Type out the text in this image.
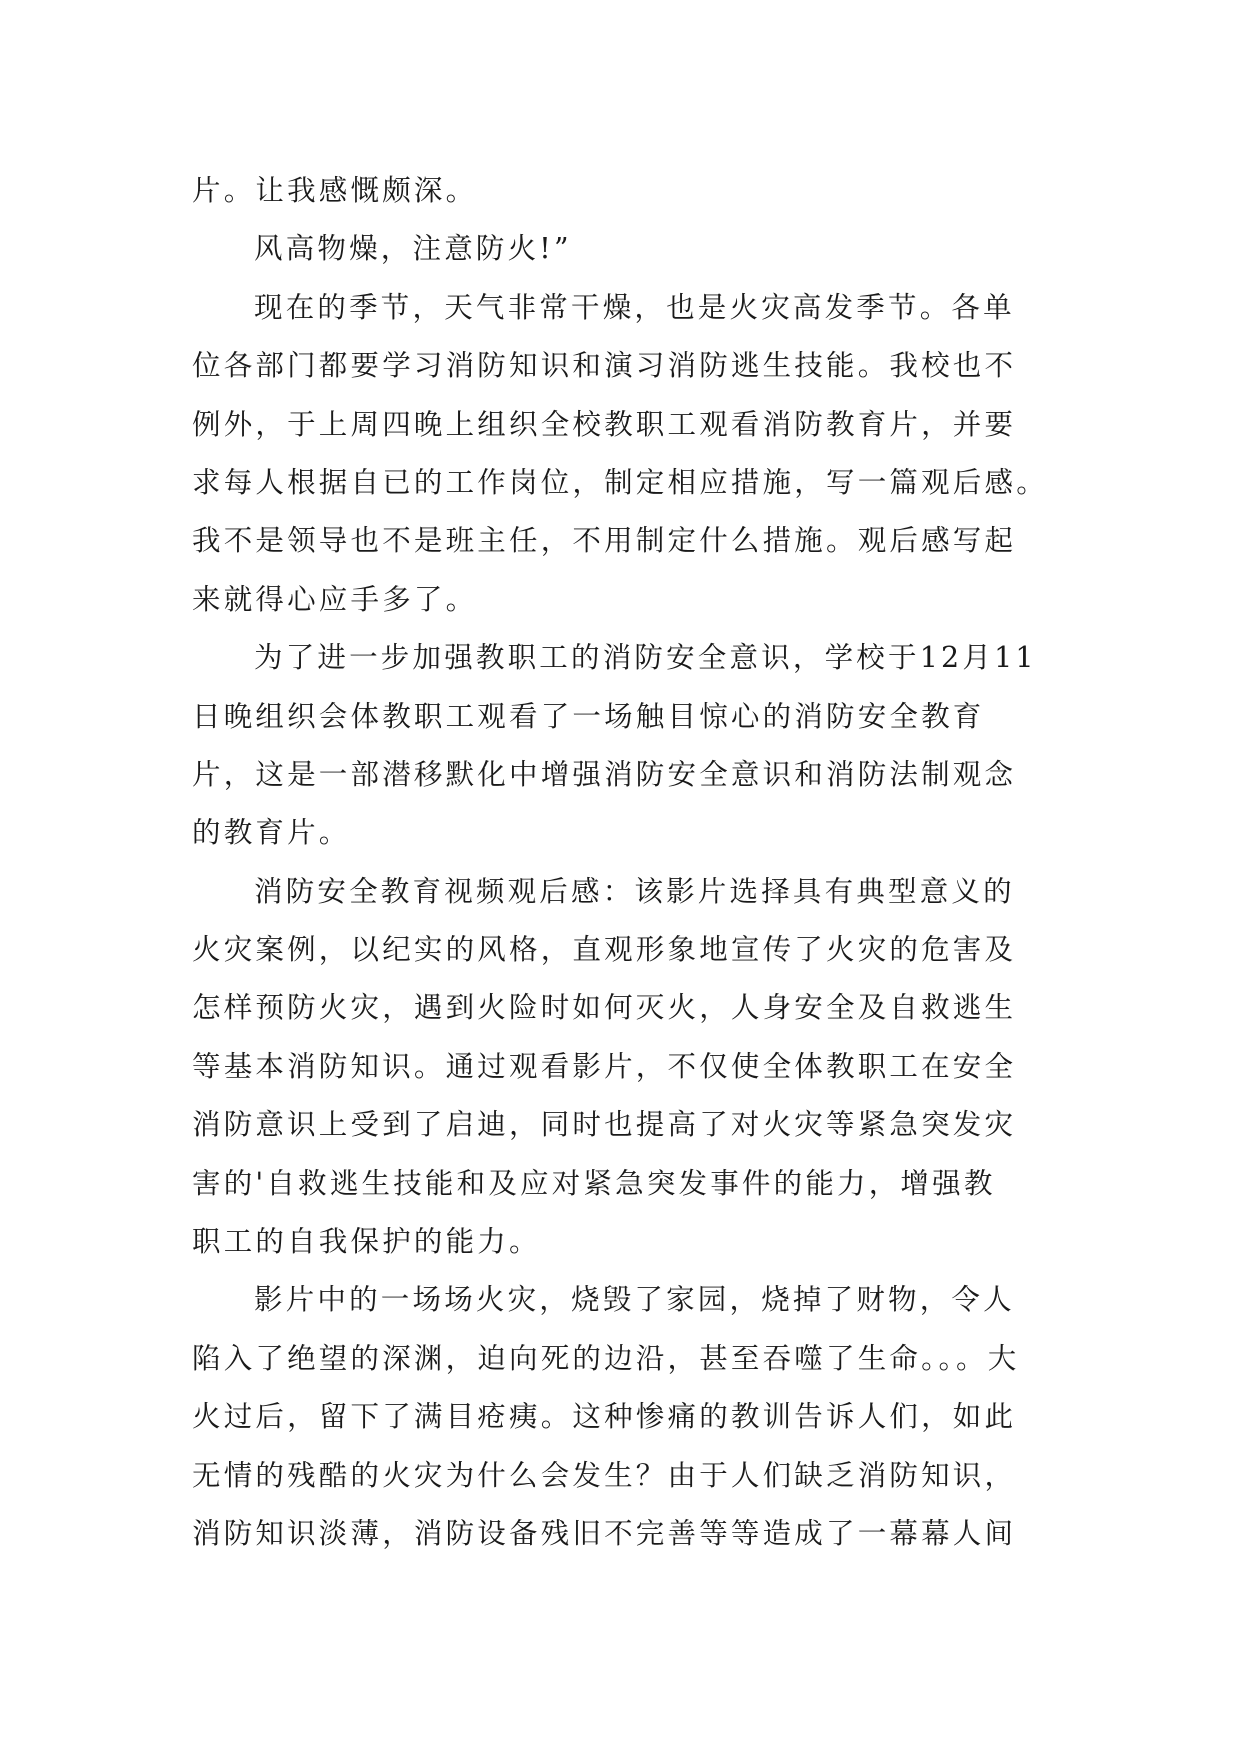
片。让我感慨颇深。
风高物燥，注意防火!”
现在的季节，天气非常干燥，也是火灾高发季节。各单
位各部门都要学习消防知识和演习消防逃生技能。我校也不
例外，于上周四晚上组织全校教职工观看消防教育片，并要
求每人根据自已的工作岗位，制定相应措施，写一篇观后感。
我不是领导也不是班主任，不用制定什么措施。观后感写起
来就得心应手多了。
为了进一步加强教职工的消防安全意识，学校于12月11
日晚组织会体教职工观看了一场触目惊心的消防安全教育
片，这是一部潜移默化中增强消防安全意识和消防法制观念
的教育片。
消防安全教育视频观后感：该影片选择具有典型意义的
火灾案例，以纪实的风格，直观形象地宣传了火灾的危害及
怎样预防火灾，遇到火险时如何灭火，人身安全及自救逃生
等基本消防知识。通过观看影片，不仅使全体教职工在安全
消防意识上受到了启迪，同时也提高了对火灾等紧急突发灾
害的'自救逃生技能和及应对紧急突发事件的能力，增强教
职工的自我保护的能力。
影片中的一场场火灾，烧毁了家园，烧掉了财物，令人
陷入了绝望的深渊，迫向死的边沿，甚至吞噬了生命。。。大
火过后，留下了满目疮痍。这种惨痛的教训告诉人们，如此
无情的残酷的火灾为什么会发生？由于人们缺乏消防知识，
消防知识淡薄，消防设备残旧不完善等等造成了一幕幕人间
